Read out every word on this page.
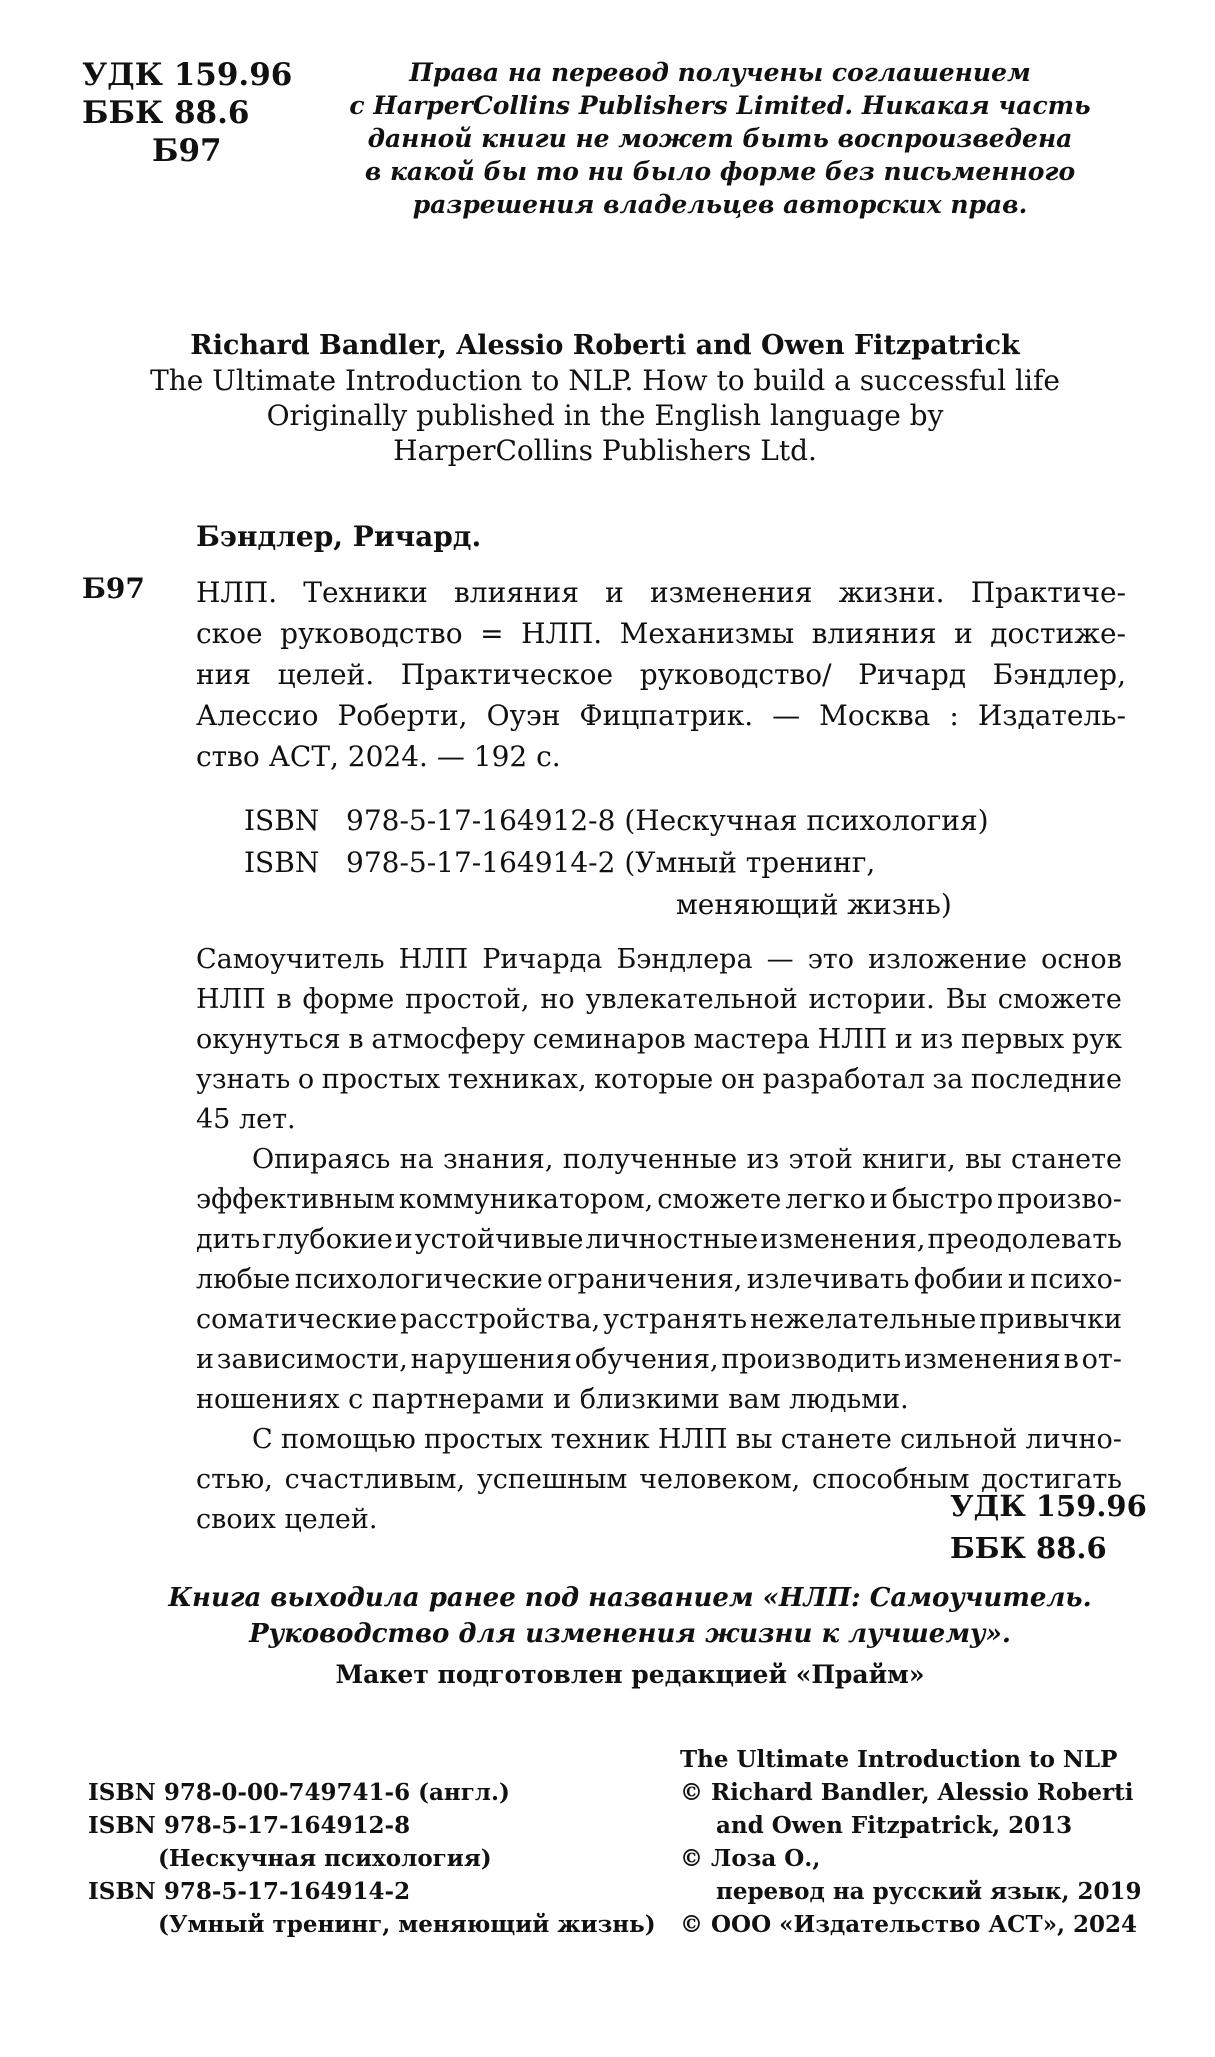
УДК 159.96
ББК 88.6
Б97
Права на перевод получены соглашением
с HarperCollins Publishers Limited. Никакая часть
данной книги не может быть воспроизведена
в какой бы то ни было форме без письменного
разрешения владельцев авторских прав.
Richard Bandler, Alessio Roberti and Owen Fitzpatrick
The Ultimate Introduction to NLP. How to build a successful life
Originally published in the English language by
HarperCollins Publishers Ltd.
Бэндлер, Ричард.
Б97 НЛП. Техники влияния и изменения жизни. Практиче-
ское руководство = НЛП. Механизмы влияния и достиже-
ния целей. Практическое руководство/ Ричард Бэндлер,
Алессио Роберти, Оуэн Фицпатрик. — Москва : Издатель-
ство АСТ, 2024. — 192 с.
ISBN 978-5-17-164912-8 (Нескучная психология)
ISBN 978-5-17-164914-2 (Умный тренинг,
меняющий жизнь)
Самоучитель НЛП Ричарда Бэндлера — это изложение основ
НЛП в форме простой, но увлекательной истории. Вы сможете
окунуться в атмосферу семинаров мастера НЛП и из первых рук
узнать о простых техниках, которые он разработал за последние
45 лет.
Опираясь на знания, полученные из этой книги, вы станете
эффективным коммуникатором, сможете легко и быстро произво-
дить глубокие и устойчивые личностные изменения, преодолевать
любые психологические ограничения, излечивать фобии и психо-
соматические расстройства, устранять нежелательные привычки
и зависимости, нарушения обучения, производить изменения в от-
ношениях с партнерами и близкими вам людьми.
С помощью простых техник НЛП вы станете сильной лично-
стью, счастливым, успешным человеком, способным достигать
своих целей.	УДК 159.96
ББК 88.6
Книга выходила ранее под названием «НЛП: Самоучитель.
Руководство для изменения жизни к лучшему».
Макет подготовлен редакцией «Прайм»
ISBN 978-0-00-749741-6 (англ.)
ISBN 978-5-17-164912-8
(Нескучная психология)
ISBN 978-5-17-164914-2
(Умный тренинг, меняющий жизнь)
The Ultimate Introduction to NLP
© Richard Bandler, Alessio Roberti
and Owen Fitzpatrick, 2013
© Лоза О.,
перевод на русский язык, 2019
© ООО «Издательство АСТ», 2024
